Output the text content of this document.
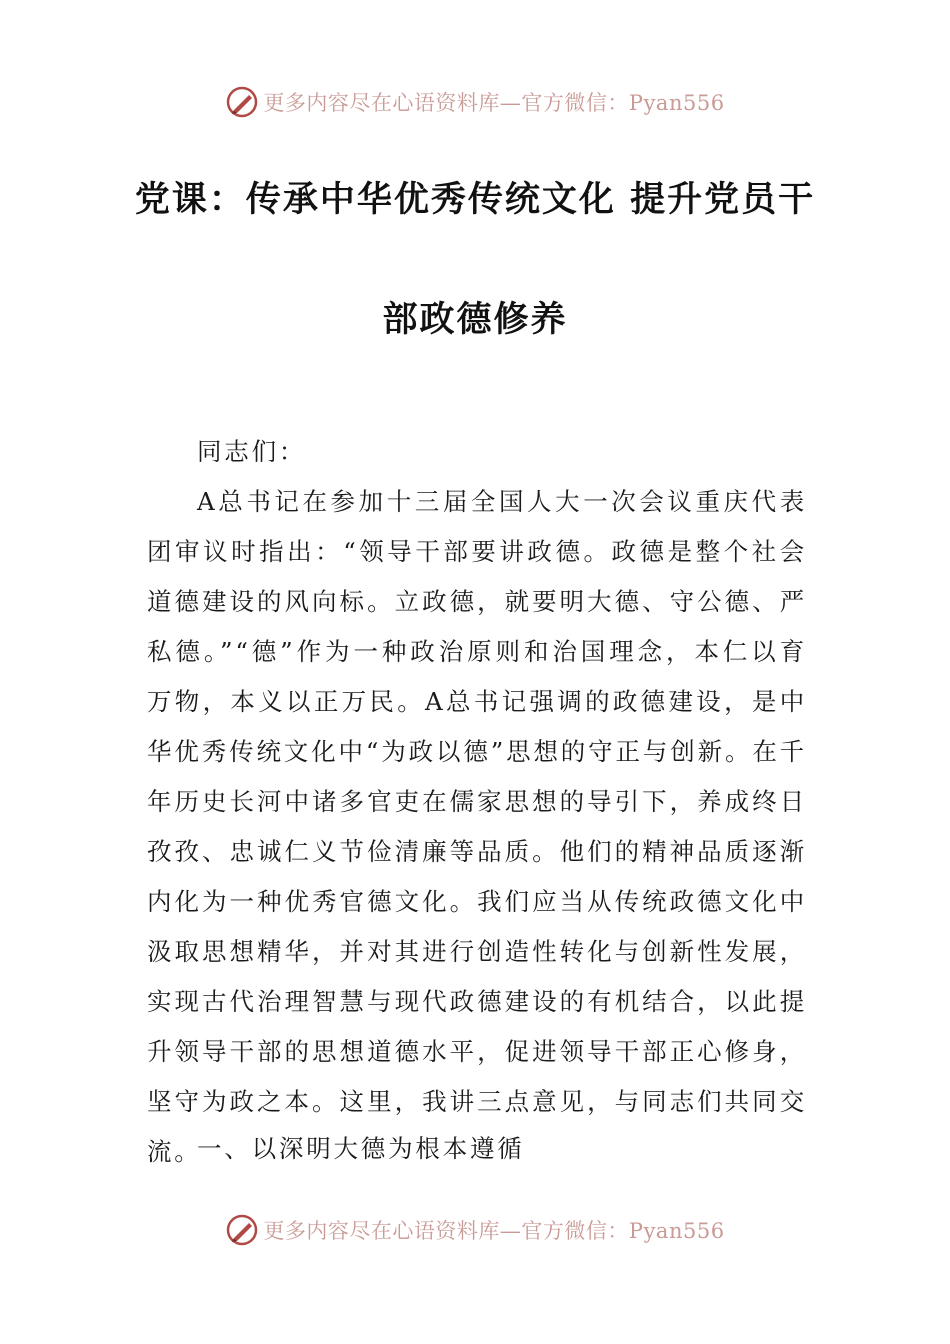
更多内容尽在心语资料库—官方微信：Pyan556
党课：传承中华优秀传统文化 提升党员干
部政德修养
同志们：
A总书记在参加十三届全国人大一次会议重庆代表团审议时指出：“领导干部要讲政德。政德是整个社会道德建设的风向标。立政德，就要明大德、守公德、严私德。”“德”作为一种政治原则和治国理念，本仁以育万物，本义以正万民。A总书记强调的政德建设，是中华优秀传统文化中“为政以德”思想的守正与创新。在千年历史长河中诸多官吏在儒家思想的导引下，养成终日孜孜、忠诚仁义节俭清廉等品质。他们的精神品质逐渐内化为一种优秀官德文化。我们应当从传统政德文化中汲取思想精华，并对其进行创造性转化与创新性发展，实现古代治理智慧与现代政德建设的有机结合，以此提升领导干部的思想道德水平，促进领导干部正心修身，坚守为政之本。这里，我讲三点意见，与同志们共同交流。
一、以深明大德为根本遵循
更多内容尽在心语资料库—官方微信：Pyan556
